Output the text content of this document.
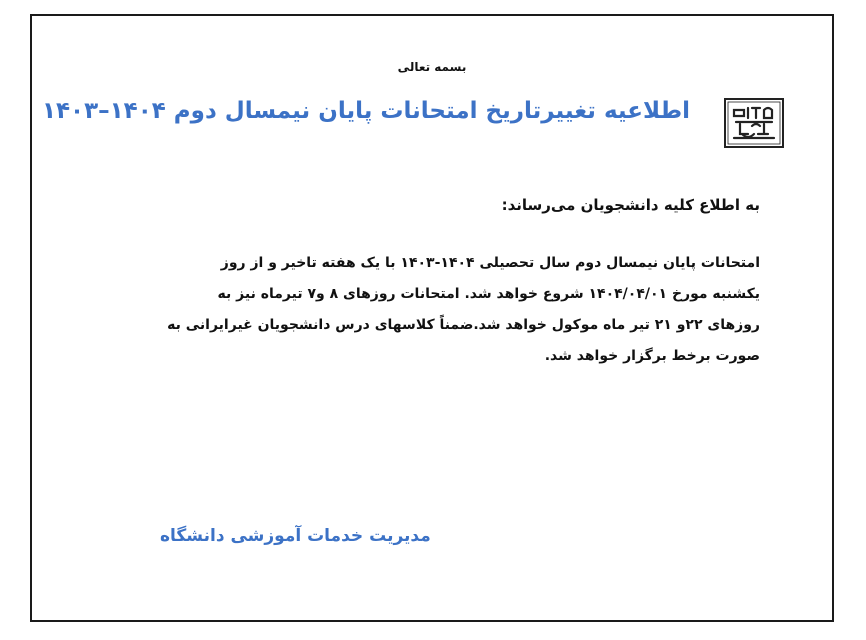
بسمه تعالی
اطلاعیه تغییرتاریخ امتحانات پایان نیمسال دوم ۱۴۰۴–۱۴۰۳
به اطلاع کلیه دانشجویان می‌رساند:
امتحانات پایان نیمسال دوم سال تحصیلی ۱۴۰۴-۱۴۰۳ با یک هفته تاخیر و از روز
یکشنبه مورخ ۱۴۰۴/۰۴/۰۱ شروع خواهد شد. امتحانات روزهای ۸ و۷ تیرماه نیز به
روزهای ۲۲و ۲۱ تیر ماه موکول خواهد شد.ضمناً کلاسهای درس دانشجویان غیرایرانی به
صورت برخط برگزار خواهد شد.
مدیریت خدمات آموزشی دانشگاه
